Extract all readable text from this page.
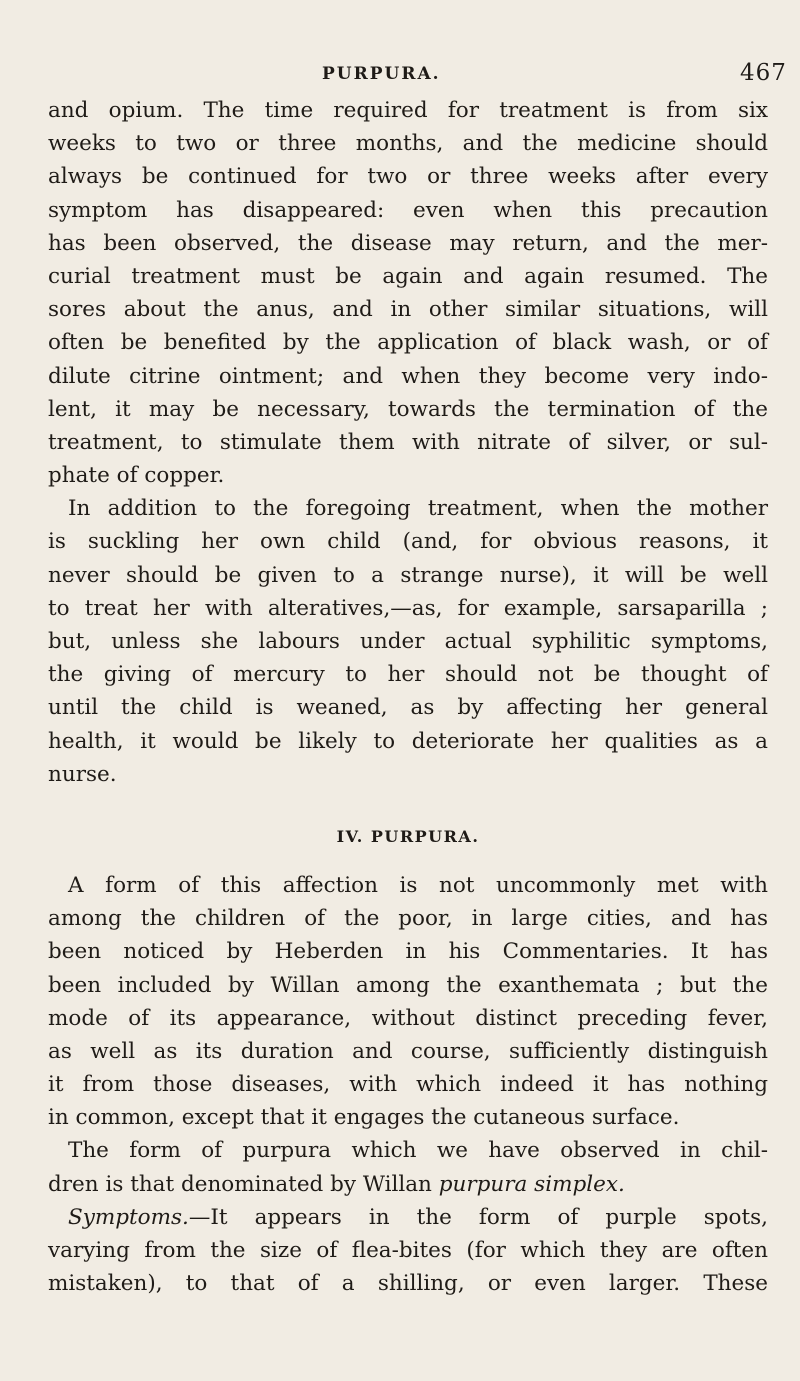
PURPURA.	467
and opium. The time required for treatment is from six
weeks to two or three months, and the medicine should
always be continued for two or three weeks after every
symptom has disappeared: even when this precaution
has been observed, the disease may return, and the mer-
curial treatment must be again and again resumed. The
sores about the anus, and in other similar situations, will
often be benefited by the application of black wash, or of
dilute citrine ointment; and when they become very indo-
lent, it may be necessary, towards the termination of the
treatment, to stimulate them with nitrate of silver, or sul-
phate of copper.
In addition to the foregoing treatment, when the mother
is suckling her own child (and, for obvious reasons, it
never should be given to a strange nurse), it will be well
to treat her with alteratives,—as, for example, sarsaparilla ;
but, unless she labours under actual syphilitic symptoms,
the giving of mercury to her should not be thought of
until the child is weaned, as by affecting her general
health, it would be likely to deteriorate her qualities as a
nurse.
IV. PURPURA.
A form of this affection is not uncommonly met with
among the children of the poor, in large cities, and has
been noticed by Heberden in his Commentaries. It has
been included by Willan among the exanthemata ; but the
mode of its appearance, without distinct preceding fever,
as well as its duration and course, sufficiently distinguish
it from those diseases, with which indeed it has nothing
in common, except that it engages the cutaneous surface.
The form of purpura which we have observed in chil-
dren is that denominated by Willan purpura simplex.
Symptoms.—It appears in the form of purple spots,
varying from the size of flea-bites (for which they are often
mistaken), to that of a shilling, or even larger. These
